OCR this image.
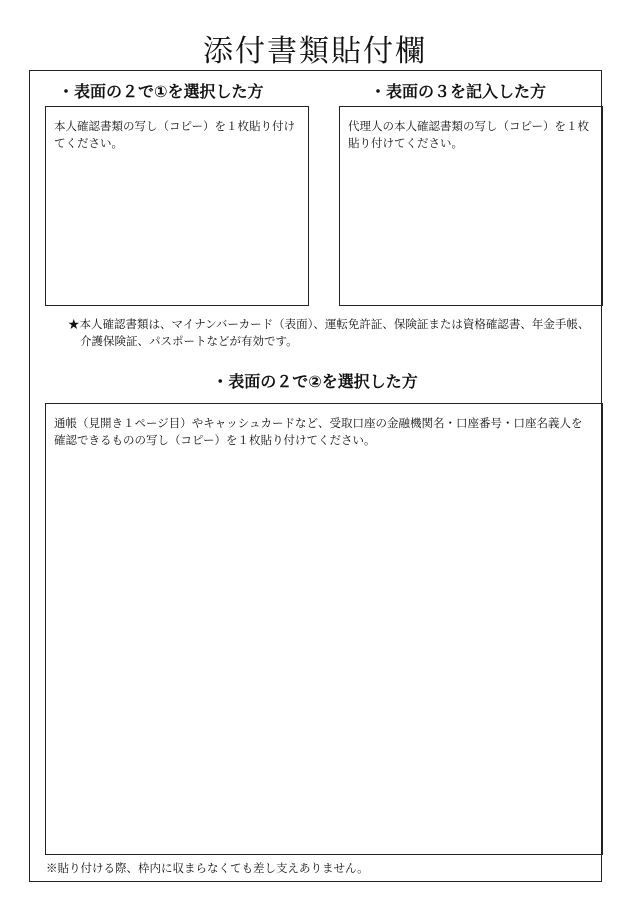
添付書類貼付欄
・表面の２で①を選択した方

本人確認書類の写し（コピー）を１枚貼り付けてください。

・表面の３を記入した方

代理人の本人確認書類の写し（コピー）を１枚貼り付けてください。

★本人確認書類は、マイナンバーカード（表面）、運転免許証、保険証または資格確認書、年金手帳、介護保険証、パスポートなどが有効です。

・表面の２で②を選択した方

通帳（見開き１ページ目）やキャッシュカードなど、受取口座の金融機関名・口座番号・口座名義人を確認できるものの写し（コピー）を１枚貼り付けてください。

※貼り付ける際、枠内に収まらなくても差し支えありません。
